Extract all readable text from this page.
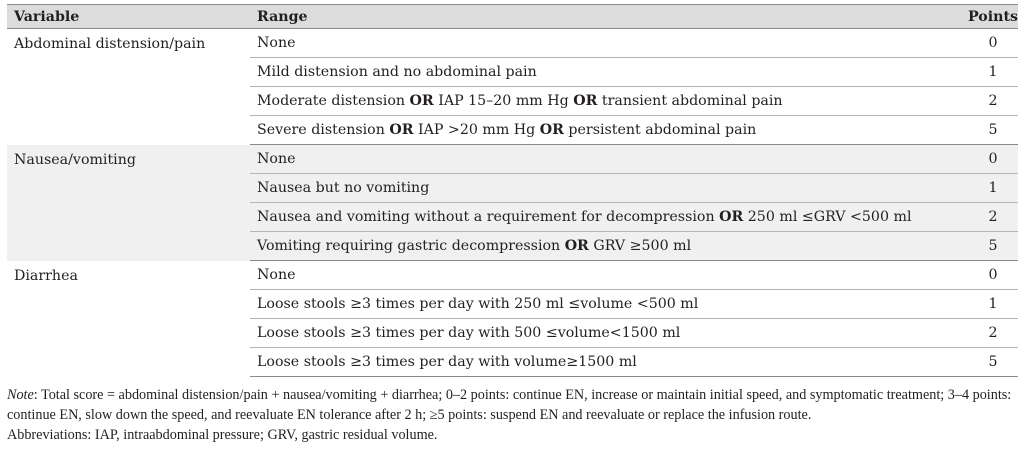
Variable	Range	Points
Abdominal distension/pain	None	0
	Mild distension and no abdominal pain	1
	Moderate distension OR IAP 15–20 mm Hg OR transient abdominal pain	2
	Severe distension OR IAP >20 mm Hg OR persistent abdominal pain	5
Nausea/vomiting	None	0
	Nausea but no vomiting	1
	Nausea and vomiting without a requirement for decompression OR 250 ml ≤GRV <500 ml	2
	Vomiting requiring gastric decompression OR GRV ≥500 ml	5
Diarrhea	None	0
	Loose stools ≥3 times per day with 250 ml ≤volume <500 ml	1
	Loose stools ≥3 times per day with 500 ≤volume<1500 ml	2
	Loose stools ≥3 times per day with volume≥1500 ml	5

Note: Total score = abdominal distension/pain + nausea/vomiting + diarrhea; 0–2 points: continue EN, increase or maintain initial speed, and symptomatic treatment; 3–4 points: continue EN, slow down the speed, and reevaluate EN tolerance after 2 h; ≥5 points: suspend EN and reevaluate or replace the infusion route.

Abbreviations: IAP, intraabdominal pressure; GRV, gastric residual volume.
